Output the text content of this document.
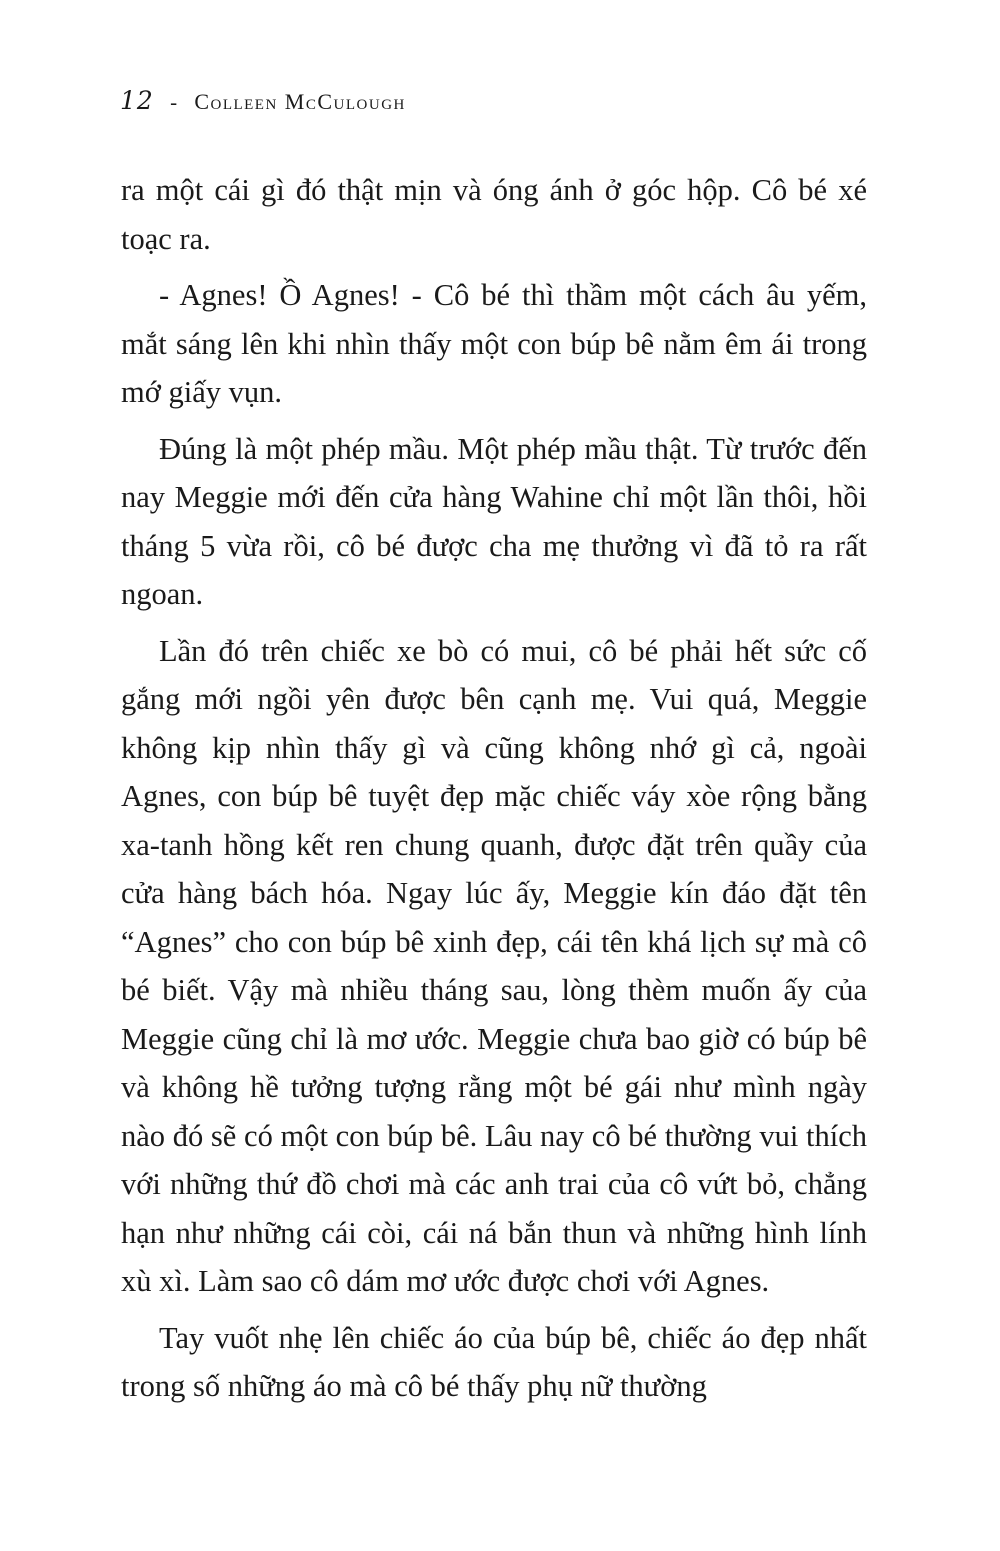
12 - Colleen McCulough

ra một cái gì đó thật mịn và óng ánh ở góc hộp. Cô bé xé toạc ra.

- Agnes! Ồ Agnes! - Cô bé thì thầm một cách âu yếm, mắt sáng lên khi nhìn thấy một con búp bê nằm êm ái trong mớ giấy vụn.

Đúng là một phép mầu. Một phép mầu thật. Từ trước đến nay Meggie mới đến cửa hàng Wahine chỉ một lần thôi, hồi tháng 5 vừa rồi, cô bé được cha mẹ thưởng vì đã tỏ ra rất ngoan.

Lần đó trên chiếc xe bò có mui, cô bé phải hết sức cố gắng mới ngồi yên được bên cạnh mẹ. Vui quá, Meggie không kịp nhìn thấy gì và cũng không nhớ gì cả, ngoài Agnes, con búp bê tuyệt đẹp mặc chiếc váy xòe rộng bằng xa-tanh hồng kết ren chung quanh, được đặt trên quầy của cửa hàng bách hóa. Ngay lúc ấy, Meggie kín đáo đặt tên “Agnes” cho con búp bê xinh đẹp, cái tên khá lịch sự mà cô bé biết. Vậy mà nhiều tháng sau, lòng thèm muốn ấy của Meggie cũng chỉ là mơ ước. Meggie chưa bao giờ có búp bê và không hề tưởng tượng rằng một bé gái như mình ngày nào đó sẽ có một con búp bê. Lâu nay cô bé thường vui thích với những thứ đồ chơi mà các anh trai của cô vứt bỏ, chẳng hạn như những cái còi, cái ná bắn thun và những hình lính xù xì. Làm sao cô dám mơ ước được chơi với Agnes.

Tay vuốt nhẹ lên chiếc áo của búp bê, chiếc áo đẹp nhất trong số những áo mà cô bé thấy phụ nữ thường
